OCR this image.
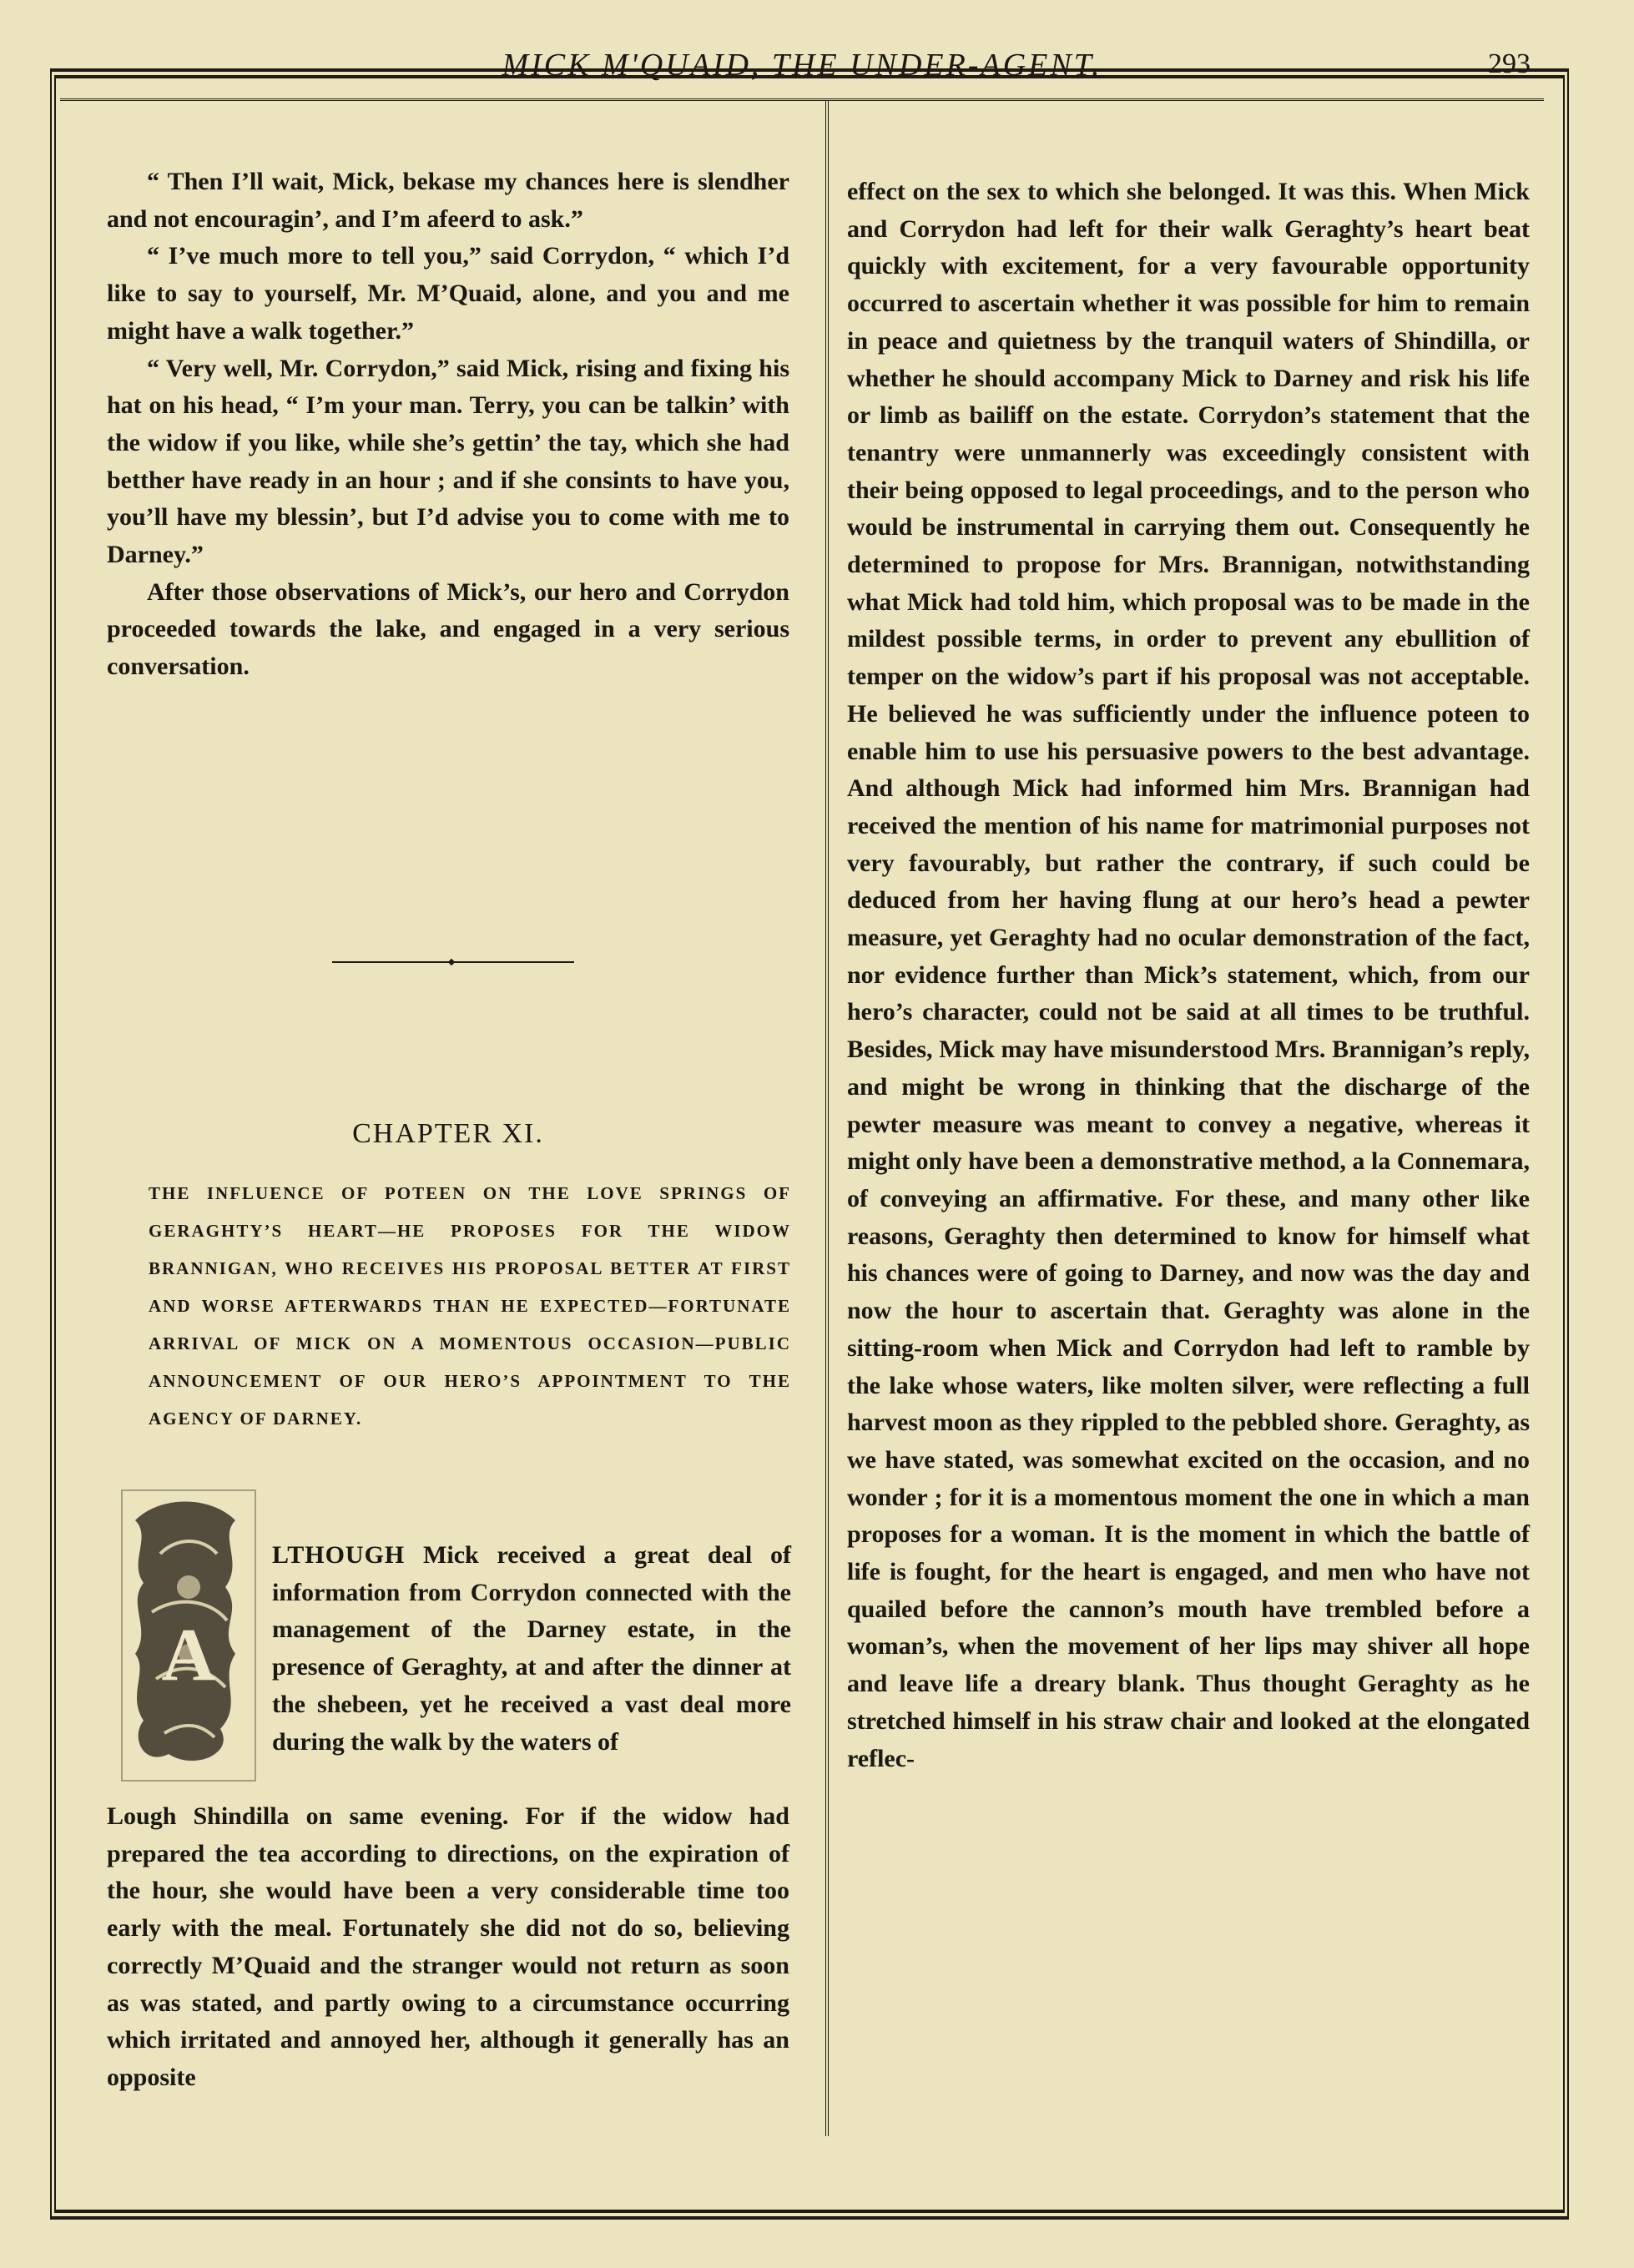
MICK M'QUAID, THE UNDER-AGENT.	293

“ Then I’ll wait, Mick, bekase my chances here is slendher and not encouragin’, and I’m afeerd to ask.”

“ I’ve much more to tell you,” said Corrydon, “ which I’d like to say to yourself, Mr. M’Quaid, alone, and you and me might have a walk together.”

“ Very well, Mr. Corrydon,” said Mick, rising and fixing his hat on his head, “ I’m your man. Terry, you can be talkin’ with the widow if you like, while she’s gettin’ the tay, which she had betther have ready in an hour ; and if she consints to have you, you’ll have my blessin’, but I’d advise you to come with me to Darney.”

After those observations of Mick’s, our hero and Corrydon proceeded towards the lake, and engaged in a very serious conversation.

CHAPTER XI.
THE INFLUENCE OF POTEEN ON THE LOVE SPRINGS OF GERAGHTY’S HEART—HE PROPOSES FOR THE WIDOW BRANNIGAN, WHO RECEIVES HIS PROPOSAL BETTER AT FIRST AND WORSE AFTERWARDS THAN HE EXPECTED—FORTUNATE ARRIVAL OF MICK ON A MOMENTOUS OCCASION—PUBLIC ANNOUNCEMENT OF OUR HERO’S APPOINTMENT TO THE AGENCY OF DARNEY.
A
LTHOUGH Mick received a great deal of information from Corrydon connected with the management of the Darney estate, in the presence of Geraghty, at and after the dinner at the shebeen, yet he received a vast deal more during the walk by the waters of
Lough Shindilla on same evening. For if the widow had prepared the tea according to directions, on the expiration of the hour, she would have been a very considerable time too early with the meal. Fortunately she did not do so, believing correctly M’Quaid and the stranger would not return as soon as was stated, and partly owing to a circumstance occurring which irritated and annoyed her, although it generally has an opposite

effect on the sex to which she belonged. It was this. When Mick and Corrydon had left for their walk Geraghty’s heart beat quickly with excitement, for a very favourable opportunity occurred to ascertain whether it was possible for him to remain in peace and quietness by the tranquil waters of Shindilla, or whether he should accompany Mick to Darney and risk his life or limb as bailiff on the estate. Corrydon’s statement that the tenantry were unmannerly was exceedingly consistent with their being opposed to legal proceedings, and to the person who would be instrumental in carrying them out. Consequently he determined to propose for Mrs. Brannigan, notwithstanding what Mick had told him, which proposal was to be made in the mildest possible terms, in order to prevent any ebullition of temper on the widow’s part if his proposal was not acceptable. He believed he was sufficiently under the influence poteen to enable him to use his persuasive powers to the best advantage. And although Mick had informed him Mrs. Brannigan had received the mention of his name for matrimonial purposes not very favourably, but rather the contrary, if such could be deduced from her having flung at our hero’s head a pewter measure, yet Geraghty had no ocular demonstration of the fact, nor evidence further than Mick’s statement, which, from our hero’s character, could not be said at all times to be truthful. Besides, Mick may have misunderstood Mrs. Brannigan’s reply, and might be wrong in thinking that the discharge of the pewter measure was meant to convey a negative, whereas it might only have been a demonstrative method, a la Connemara, of conveying an affirmative. For these, and many other like reasons, Geraghty then determined to know for himself what his chances were of going to Darney, and now was the day and now the hour to ascertain that. Geraghty was alone in the sitting-room when Mick and Corrydon had left to ramble by the lake whose waters, like molten silver, were reflecting a full harvest moon as they rippled to the pebbled shore. Geraghty, as we have stated, was somewhat excited on the occasion, and no wonder ; for it is a momentous moment the one in which a man proposes for a woman. It is the moment in which the battle of life is fought, for the heart is engaged, and men who have not quailed before the cannon’s mouth have trembled before a woman’s, when the movement of her lips may shiver all hope and leave life a dreary blank. Thus thought Geraghty as he stretched himself in his straw chair and looked at the elongated reflec-
